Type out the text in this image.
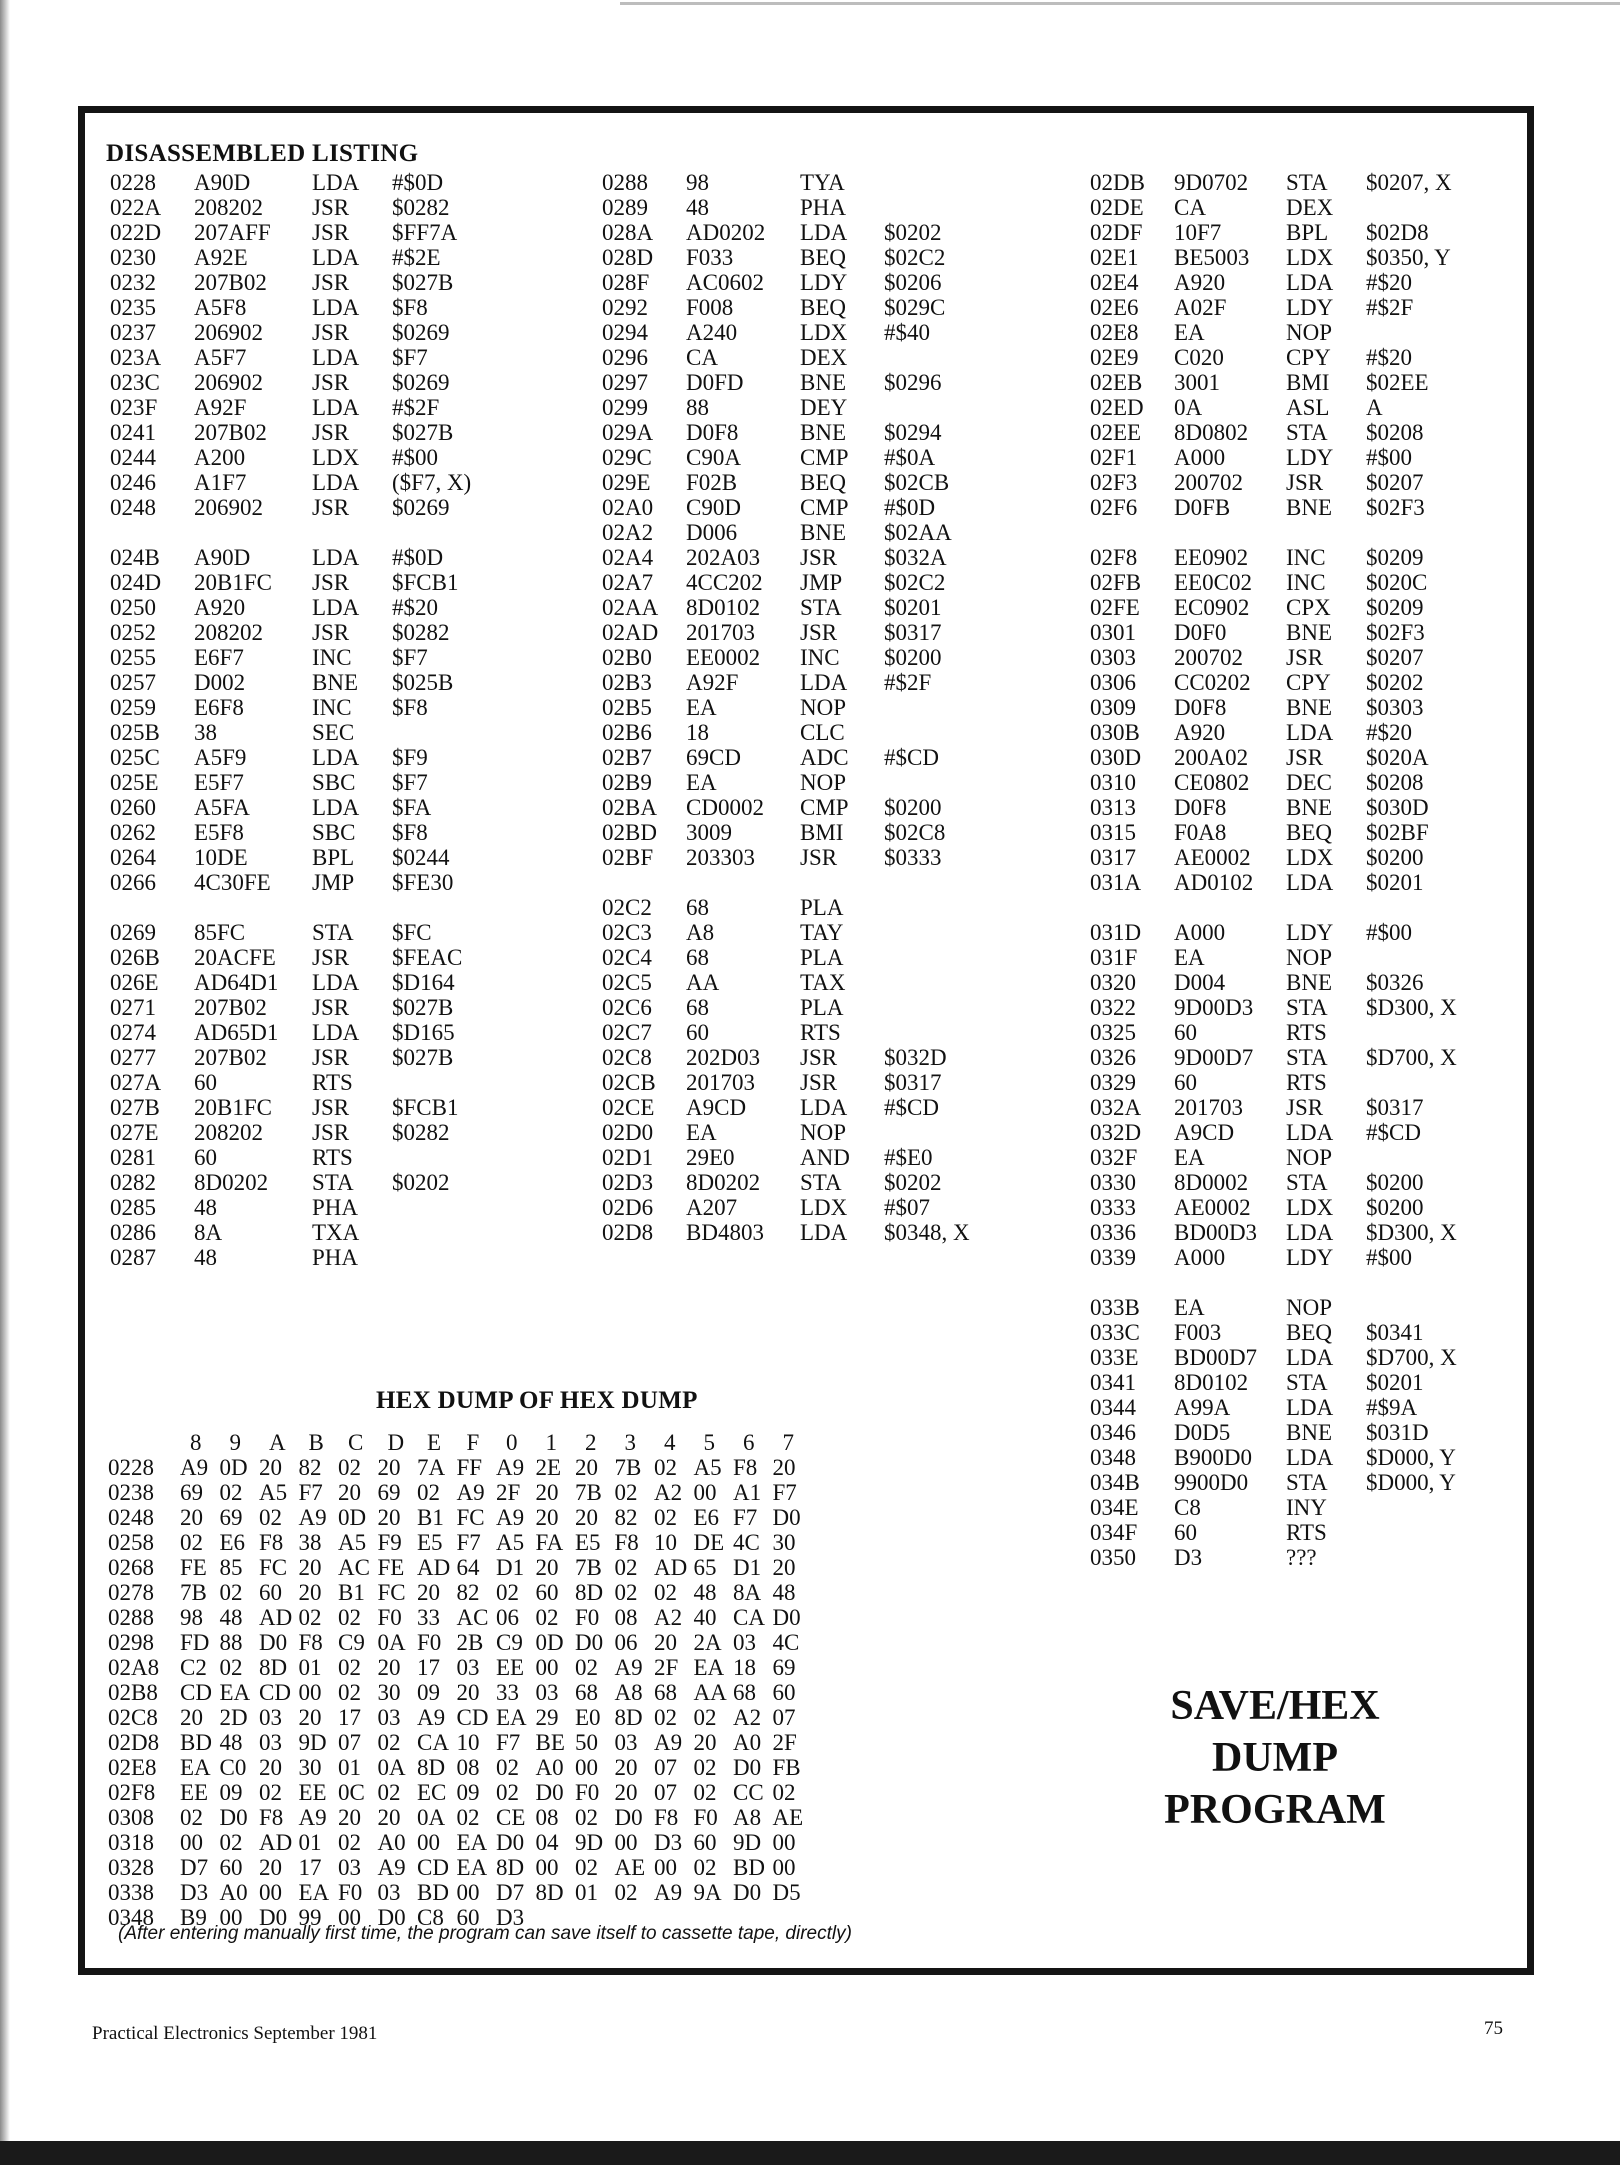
DISASSEMBLED LISTING
0228 A90D	LDA #$0D
022A 208202 JSR $0282
022D 207AFF JSR $FF7A
0230 A92E	LDA #$2E
0232 207B02 JSR $027B
0235 A5F8	LDA $F8
0237 206902 JSR $0269
023A A5F7	LDA $F7
023C 206902 JSR $0269
023F A92F	LDA #$2F
0241 207B02 JSR $027B
0244 A200	LDX #$00
0246 A1F7	LDA ($F7, X)
0248 206902 JSR $0269
024B A90D	LDA #$0D
024D 20B1FC JSR $FCB1
0250 A920	LDA #$20
0252 208202 JSR $0282
0255 E6F7	INC $F7
0257 D002	BNE $025B
0259 E6F8	INC $F8
025B 38	SEC
025C A5F9	LDA $F9
025E E5F7	SBC $F7
0260 A5FA	LDA $FA
0262 E5F8	SBC $F8
0264 10DE	BPL $0244
0266 4C30FE JMP $FE30
0269 85FC	STA $FC
026B 20ACFE JSR $FEAC
026E AD64D1 LDA $D164
0271 207B02 JSR $027B
0274 AD65D1 LDA $D165
0277 207B02 JSR $027B
027A 60	RTS
027B 20B1FC JSR $FCB1
027E 208202 JSR $0282
0281 60	RTS
0282 8D0202 STA $0202
0285 48	PHA
0286 8A	TXA
0287 48	PHA
0288 98	TYA
0289 48	PHA
028A AD0202 LDA $0202
028D F033	BEQ $02C2
028F AC0602 LDY $0206
0292 F008	BEQ $029C
0294 A240	LDX #$40
0296 CA	DEX
0297 D0FD BNE $0296
0299 88	DEY
029A D0F8	BNE $0294
029C C90A	CMP #$0A
029E F02B	BEQ $02CB
02A0 C90D	CMP #$0D
02A2 D006	BNE $02AA
02A4 202A03 JSR $032A
02A7 4CC202 JMP $02C2
02AA 8D0102 STA $0201
02AD 201703 JSR $0317
02B0 EE0002 INC $0200
02B3 A92F	LDA #$2F
02B5 EA	NOP
02B6 18	CLC
02B7 69CD	ADC #$CD
02B9 EA	NOP
02BA CD0002 CMP $0200
02BD 3009	BMI $02C8
02BF 203303 JSR $0333
02C2 68	PLA
02C3 A8	TAY
02C4 68	PLA
02C5 AA	TAX
02C6 68	PLA
02C7 60	RTS
02C8 202D03 JSR $032D
02CB 201703 JSR $0317
02CE A9CD LDA #$CD
02D0 EA	NOP
02D1 29E0	AND #$E0
02D3 8D0202 STA $0202
02D6 A207	LDX #$07
02D8 BD4803 LDA $0348, X
02DB 9D0702 STA $0207, X
02DE CA	DEX
02DF 10F7	BPL $02D8
02E1 BE5003 LDX $0350, Y
02E4 A920	LDA #$20
02E6 A02F	LDY #$2F
02E8 EA	NOP
02E9 C020	CPY #$20
02EB 3001	BMI $02EE
02ED 0A	ASL A
02EE 8D0802 STA $0208
02F1 A000	LDY #$00
02F3 200702 JSR $0207
02F6 D0FB BNE $02F3
02F8 EE0902 INC $0209
02FB EE0C02 INC $020C
02FE EC0902 CPX $0209
0301 D0F0	BNE $02F3
0303 200702 JSR $0207
0306 CC0202 CPY $0202
0309 D0F8	BNE $0303
030B A920	LDA #$20
030D 200A02 JSR $020A
0310 CE0802 DEC $0208
0313 D0F8	BNE $030D
0315 F0A8	BEQ $02BF
0317 AE0002 LDX $0200
031A AD0102 LDA $0201
031D A000	LDY #$00
031F EA	NOP
0320 D004	BNE $0326
0322 9D00D3 STA $D300, X
0325 60	RTS
0326 9D00D7 STA $D700, X
0329 60	RTS
032A 201703 JSR $0317
032D A9CD LDA #$CD
032F EA	NOP
0330 8D0002 STA $0200
0333 AE0002 LDX $0200
0336 BD00D3 LDA $D300, X
0339 A000	LDY #$00
033B EA	NOP
033C F003	BEQ $0341
033E BD00D7 LDA $D700, X
0341 8D0102 STA $0201
0344 A99A LDA #$9A
0346 D0D5 BNE $031D
0348 B900D0 LDA $D000, Y
034B 9900D0 STA $D000, Y
034E C8	INY
034F 60	RTS
0350 D3	???
HEX DUMP OF HEX DUMP
8 9 A B C D E F 0 1 2 3 4 5 6 7
0228 A9 0D 20 82 02 20 7A FF A9 2E 20 7B 02 A5 F8 20
0238 69 02 A5 F7 20 69 02 A9 2F 20 7B 02 A2 00 A1 F7
0248 20 69 02 A9 0D 20 B1 FC A9 20 20 82 02 E6 F7 D0
0258 02 E6 F8 38 A5 F9 E5 F7 A5 FA E5 F8 10 DE 4C 30
0268 FE 85 FC 20 AC FE AD 64 D1 20 7B 02 AD 65 D1 20
0278 7B 02 60 20 B1 FC 20 82 02 60 8D 02 02 48 8A 48
0288 98 48 AD 02 02 F0 33 AC 06 02 F0 08 A2 40 CA D0
0298 FD 88 D0 F8 C9 0A F0 2B C9 0D D0 06 20 2A 03 4C
02A8 C2 02 8D 01 02 20 17 03 EE 00 02 A9 2F EA 18 69
02B8 CD EA CD 00 02 30 09 20 33 03 68 A8 68 AA 68 60
02C8 20 2D 03 20 17 03 A9 CD EA 29 E0 8D 02 02 A2 07
02D8 BD 48 03 9D 07 02 CA 10 F7 BE 50 03 A9 20 A0 2F
02E8 EA C0 20 30 01 0A 8D 08 02 A0 00 20 07 02 D0 FB
02F8 EE 09 02 EE 0C 02 EC 09 02 D0 F0 20 07 02 CC 02
0308 02 D0 F8 A9 20 20 0A 02 CE 08 02 D0 F8 F0 A8 AE
0318 00 02 AD 01 02 A0 00 EA D0 04 9D 00 D3 60 9D 00
0328 D7 60 20 17 03 A9 CD EA 8D 00 02 AE 00 02 BD 00
0338 D3 A0 00 EA F0 03 BD 00 D7 8D 01 02 A9 9A D0 D5
0348 B9 00 D0 99 00 D0 C8 60 D3
(After entering manually first time, the program can save itself to cassette tape, directly)
SAVE/HEX
DUMP
PROGRAM
Practical Electronics September 1981	75
